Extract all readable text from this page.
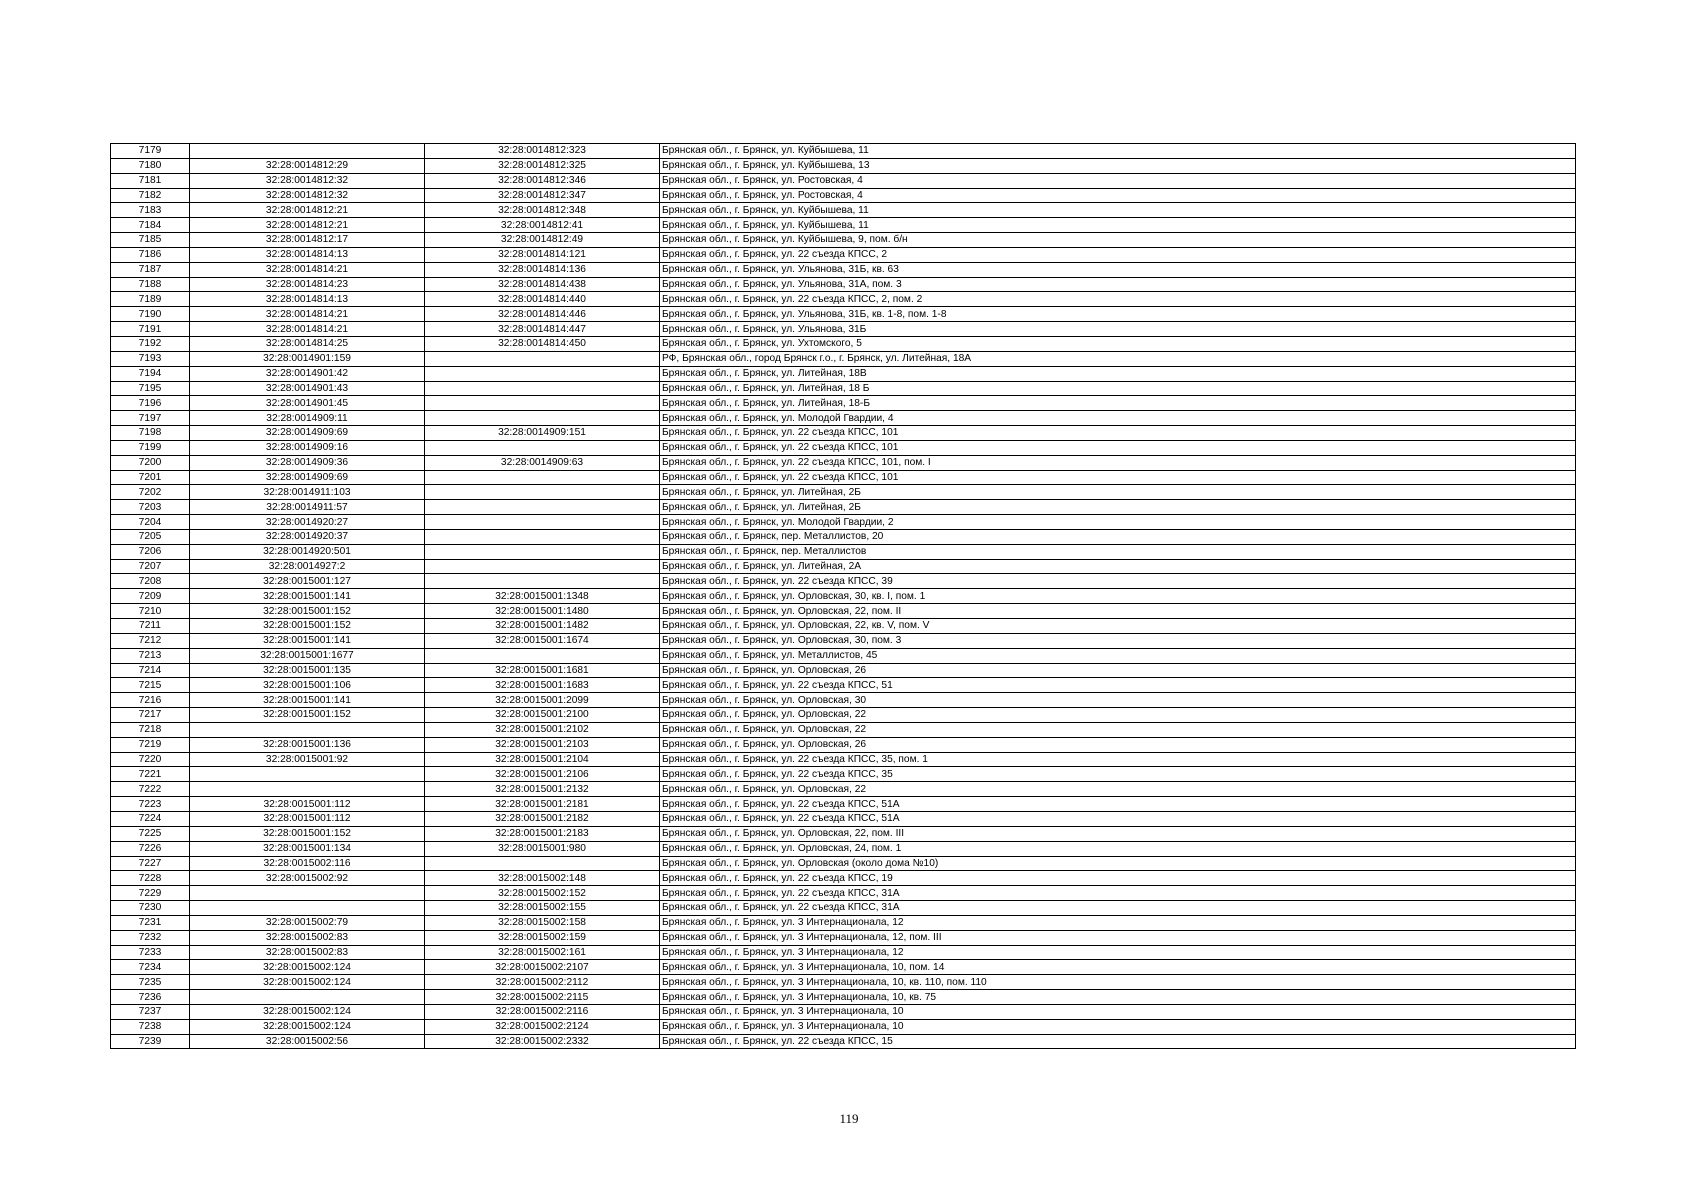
7179		32:28:0014812:323	Брянская обл., г. Брянск, ул. Куйбышева, 11
7180	32:28:0014812:29	32:28:0014812:325	Брянская обл., г. Брянск, ул. Куйбышева, 13
7181	32:28:0014812:32	32:28:0014812:346	Брянская обл., г. Брянск, ул. Ростовская, 4
7182	32:28:0014812:32	32:28:0014812:347	Брянская обл., г. Брянск, ул. Ростовская, 4
7183	32:28:0014812:21	32:28:0014812:348	Брянская обл., г. Брянск, ул. Куйбышева, 11
7184	32:28:0014812:21	32:28:0014812:41	Брянская обл., г. Брянск, ул. Куйбышева, 11
7185	32:28:0014812:17	32:28:0014812:49	Брянская обл., г. Брянск, ул. Куйбышева, 9, пом. б/н
7186	32:28:0014814:13	32:28:0014814:121	Брянская обл., г. Брянск, ул. 22 съезда КПСС, 2
7187	32:28:0014814:21	32:28:0014814:136	Брянская обл., г. Брянск, ул. Ульянова, 31Б, кв. 63
7188	32:28:0014814:23	32:28:0014814:438	Брянская обл., г. Брянск, ул. Ульянова, 31А, пом. 3
7189	32:28:0014814:13	32:28:0014814:440	Брянская обл., г. Брянск, ул. 22 съезда КПСС, 2, пом. 2
7190	32:28:0014814:21	32:28:0014814:446	Брянская обл., г. Брянск, ул. Ульянова, 31Б, кв. 1-8, пом. 1-8
7191	32:28:0014814:21	32:28:0014814:447	Брянская обл., г. Брянск, ул. Ульянова, 31Б
7192	32:28:0014814:25	32:28:0014814:450	Брянская обл., г. Брянск, ул. Ухтомского, 5
7193	32:28:0014901:159		РФ, Брянская обл., город Брянск г.о., г. Брянск, ул. Литейная, 18А
7194	32:28:0014901:42		Брянская обл., г. Брянск, ул. Литейная, 18В
7195	32:28:0014901:43		Брянская обл., г. Брянск, ул. Литейная, 18 Б
7196	32:28:0014901:45		Брянская обл., г. Брянск, ул. Литейная, 18-Б
7197	32:28:0014909:11		Брянская обл., г. Брянск, ул. Молодой Гвардии, 4
7198	32:28:0014909:69	32:28:0014909:151	Брянская обл., г. Брянск, ул. 22 съезда КПСС, 101
7199	32:28:0014909:16		Брянская обл., г. Брянск, ул. 22 съезда КПСС, 101
7200	32:28:0014909:36	32:28:0014909:63	Брянская обл., г. Брянск, ул. 22 съезда КПСС, 101, пом. I
7201	32:28:0014909:69		Брянская обл., г. Брянск, ул. 22 съезда КПСС, 101
7202	32:28:0014911:103		Брянская обл., г. Брянск, ул. Литейная, 2Б
7203	32:28:0014911:57		Брянская обл., г. Брянск, ул. Литейная, 2Б
7204	32:28:0014920:27		Брянская обл., г. Брянск, ул. Молодой Гвардии, 2
7205	32:28:0014920:37		Брянская обл., г. Брянск, пер. Металлистов, 20
7206	32:28:0014920:501		Брянская обл., г. Брянск, пер. Металлистов
7207	32:28:0014927:2		Брянская обл., г. Брянск, ул. Литейная, 2А
7208	32:28:0015001:127		Брянская обл., г. Брянск, ул. 22 съезда КПСС, 39
7209	32:28:0015001:141	32:28:0015001:1348	Брянская обл., г. Брянск, ул. Орловская, 30, кв. I, пом. 1
7210	32:28:0015001:152	32:28:0015001:1480	Брянская обл., г. Брянск, ул. Орловская, 22, пом. II
7211	32:28:0015001:152	32:28:0015001:1482	Брянская обл., г. Брянск, ул. Орловская, 22, кв. V, пом. V
7212	32:28:0015001:141	32:28:0015001:1674	Брянская обл., г. Брянск, ул. Орловская, 30, пом. 3
7213	32:28:0015001:1677		Брянская обл., г. Брянск, ул. Металлистов, 45
7214	32:28:0015001:135	32:28:0015001:1681	Брянская обл., г. Брянск, ул. Орловская, 26
7215	32:28:0015001:106	32:28:0015001:1683	Брянская обл., г. Брянск, ул. 22 съезда КПСС, 51
7216	32:28:0015001:141	32:28:0015001:2099	Брянская обл., г. Брянск, ул. Орловская, 30
7217	32:28:0015001:152	32:28:0015001:2100	Брянская обл., г. Брянск, ул. Орловская, 22
7218		32:28:0015001:2102	Брянская обл., г. Брянск, ул. Орловская, 22
7219	32:28:0015001:136	32:28:0015001:2103	Брянская обл., г. Брянск, ул. Орловская, 26
7220	32:28:0015001:92	32:28:0015001:2104	Брянская обл., г. Брянск, ул. 22 съезда КПСС, 35, пом. 1
7221		32:28:0015001:2106	Брянская обл., г. Брянск, ул. 22 съезда КПСС, 35
7222		32:28:0015001:2132	Брянская обл., г. Брянск, ул. Орловская, 22
7223	32:28:0015001:112	32:28:0015001:2181	Брянская обл., г. Брянск, ул. 22 съезда КПСС, 51А
7224	32:28:0015001:112	32:28:0015001:2182	Брянская обл., г. Брянск, ул. 22 съезда КПСС, 51А
7225	32:28:0015001:152	32:28:0015001:2183	Брянская обл., г. Брянск, ул. Орловская, 22, пом. III
7226	32:28:0015001:134	32:28:0015001:980	Брянская обл., г. Брянск, ул. Орловская, 24, пом. 1
7227	32:28:0015002:116		Брянская обл., г. Брянск, ул. Орловская (около дома №10)
7228	32:28:0015002:92	32:28:0015002:148	Брянская обл., г. Брянск, ул. 22 съезда КПСС, 19
7229		32:28:0015002:152	Брянская обл., г. Брянск, ул. 22 съезда КПСС, 31А
7230		32:28:0015002:155	Брянская обл., г. Брянск, ул. 22 съезда КПСС, 31А
7231	32:28:0015002:79	32:28:0015002:158	Брянская обл., г. Брянск, ул. 3 Интернационала, 12
7232	32:28:0015002:83	32:28:0015002:159	Брянская обл., г. Брянск, ул. 3 Интернационала, 12, пом. III
7233	32:28:0015002:83	32:28:0015002:161	Брянская обл., г. Брянск, ул. 3 Интернационала, 12
7234	32:28:0015002:124	32:28:0015002:2107	Брянская обл., г. Брянск, ул. 3 Интернационала, 10, пом. 14
7235	32:28:0015002:124	32:28:0015002:2112	Брянская обл., г. Брянск, ул. 3 Интернационала, 10, кв. 110, пом. 110
7236		32:28:0015002:2115	Брянская обл., г. Брянск, ул. 3 Интернационала, 10, кв. 75
7237	32:28:0015002:124	32:28:0015002:2116	Брянская обл., г. Брянск, ул. 3 Интернационала, 10
7238	32:28:0015002:124	32:28:0015002:2124	Брянская обл., г. Брянск, ул. 3 Интернационала, 10
7239	32:28:0015002:56	32:28:0015002:2332	Брянская обл., г. Брянск, ул. 22 съезда КПСС, 15
119
